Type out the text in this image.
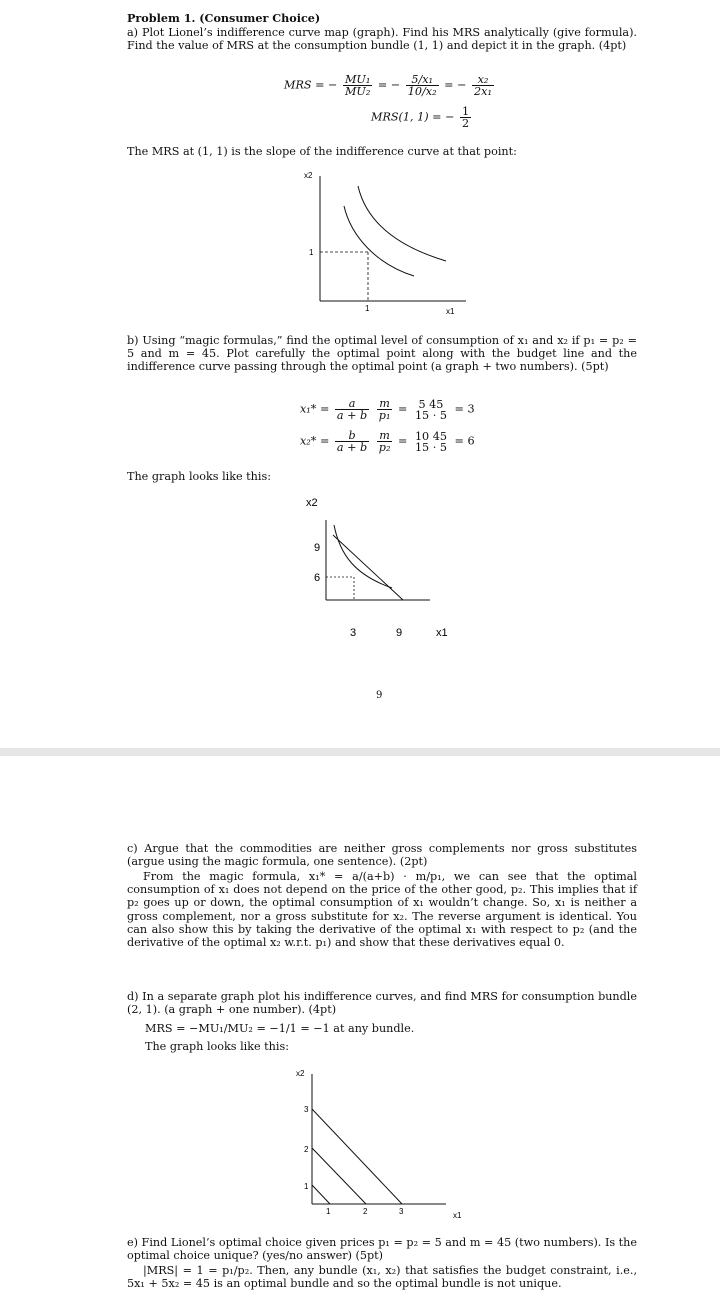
Problem 1. (Consumer Choice)

a) Plot Lionel’s indifference curve map (graph). Find his MRS analytically (give formula). Find the value of MRS at the consumption bundle (1, 1) and depict it in the graph. (4pt)

MRS = − $\frac{\text{MU₁}}{\text{MU₂}}$ = − $\frac{\text{5/x₁}}{\text{10/x₂}}$ = − $\frac{\text{x₂}}{\text{2x₁}}$
MRS(1, 1) = − $\frac{1}{2}$

The MRS at (1, 1) is the slope of the indifference curve at that point:

x2
x1
1
1

b) Using “magic formulas,” find the optimal level of consumption of x₁ and x₂ if p₁ = p₂ = 5 and m = 45. Plot carefully the optimal point along with the budget line and the indifference curve passing through the optimal point (a graph + two numbers). (5pt)

$x_1* = \frac{a}{a + b}$
$\frac{m}{\text{p₁}} = 5$ 45
15 · 5 = 3
$x_2* = \frac{b}{a + b}$
$\frac{m}{\text{p₂}} = 10$ 45
15 · 5 = 6

The graph looks like this:

x2
x1
9
6
3	9
9

c) Argue that the commodities are neither gross complements nor gross substitutes (argue using the magic formula, one sentence). (2pt)

From the magic formula, x₁* = a/(a+b) · m/p₁, we can see that the optimal consumption of x₁ does not depend on the price of the other good, p₂. This implies that if p₂ goes up or down, the optimal consumption of x₁ wouldn’t change. So, x₁ is neither a gross complement, nor a gross substitute for x₂. The reverse argument is identical. You can also show this by taking the derivative of the optimal x₁ with respect to p₂ (and the derivative of the optimal x₂ w.r.t. p₁) and show that these derivatives equal 0.

d) In a separate graph plot his indifference curves, and find MRS for consumption bundle (2, 1). (a graph + one number). (4pt)

MRS = −MU₁/MU₂ = −1/1 = −1 at any bundle.

The graph looks like this:

x2
x1
3
2
1
1	2	3

e) Find Lionel’s optimal choice given prices p₁ = p₂ = 5 and m = 45 (two numbers). Is the optimal choice unique? (yes/no answer) (5pt)

|MRS| = 1 = p₁/p₂. Then, any bundle (x₁, x₂) that satisfies the budget constraint, i.e., 5x₁ + 5x₂ = 45 is an optimal bundle and so the optimal bundle is not unique.
